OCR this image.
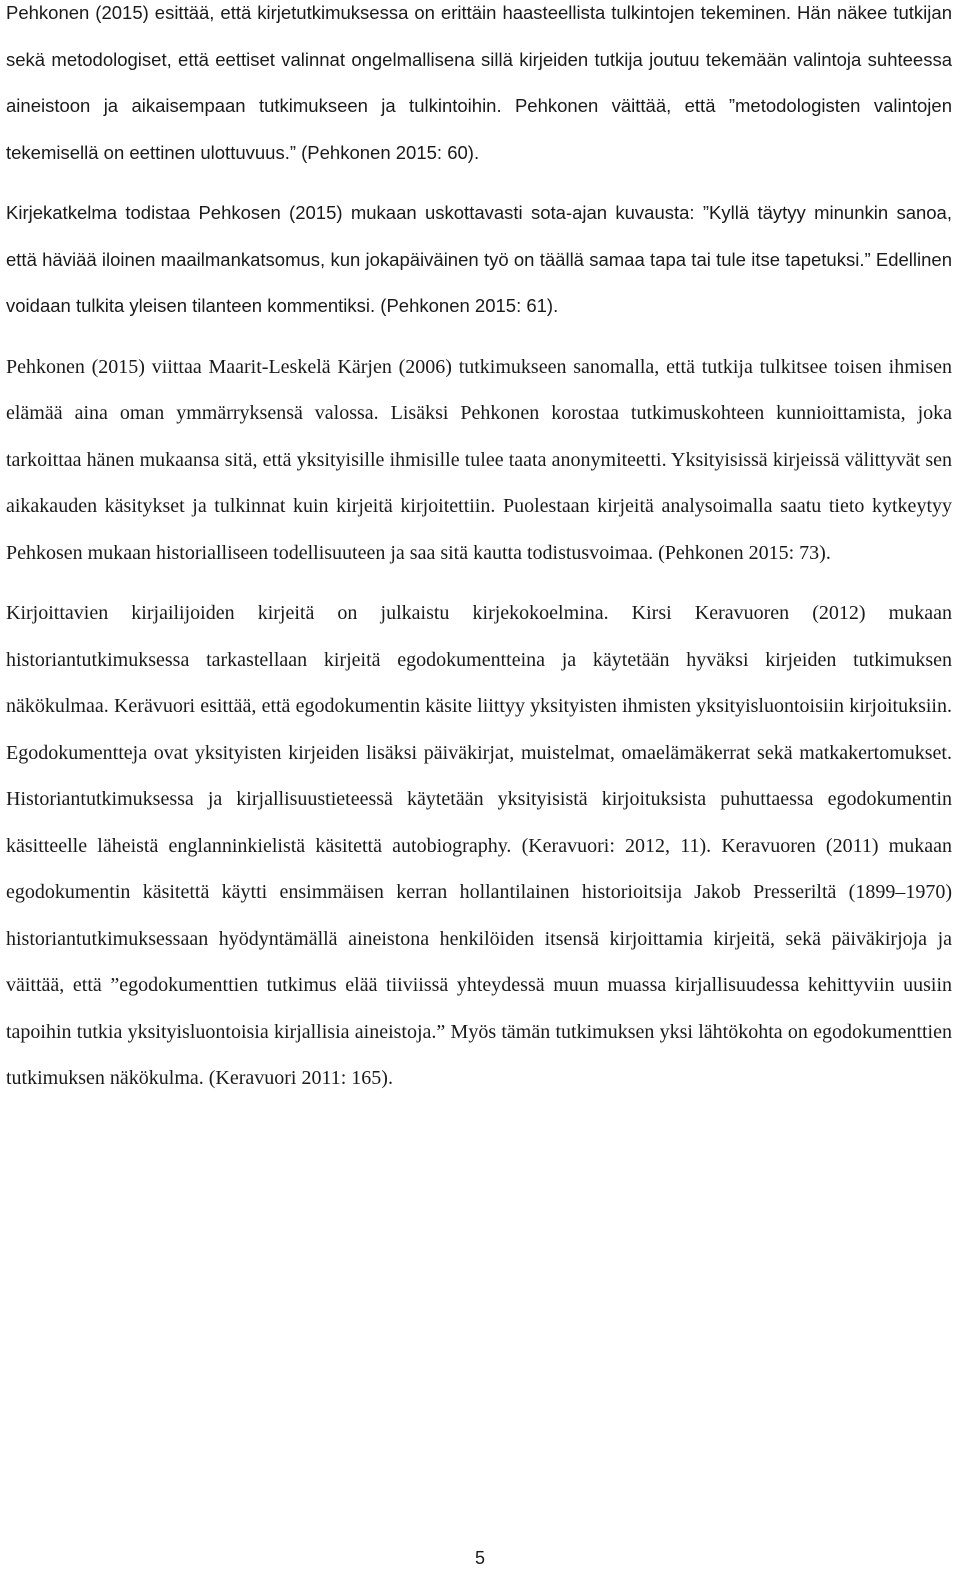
Pehkonen (2015) esittää, että kirjetutkimuksessa on erittäin haasteellista tulkintojen tekeminen. Hän näkee tutkijan sekä metodologiset, että eettiset valinnat ongelmallisena sillä kirjeiden tutkija joutuu tekemään valintoja suhteessa aineistoon ja aikaisempaan tutkimukseen ja tulkintoihin. Pehkonen väittää, että ”metodologisten valintojen tekemisellä on eettinen ulottuvuus.” (Pehkonen 2015: 60).

Kirjekatkelma todistaa Pehkosen (2015) mukaan uskottavasti sota-ajan kuvausta: ”Kyllä täytyy minunkin sanoa, että häviää iloinen maailmankatsomus, kun jokapäiväinen työ on täällä samaa tapa tai tule itse tapetuksi.” Edellinen voidaan tulkita yleisen tilanteen kommentiksi. (Pehkonen 2015: 61).

Pehkonen (2015) viittaa Maarit-Leskelä Kärjen (2006) tutkimukseen sanomalla, että tutkija tulkitsee toisen ihmisen elämää aina oman ymmärryksensä valossa. Lisäksi Pehkonen korostaa tutkimuskohteen kunnioittamista, joka tarkoittaa hänen mukaansa sitä, että yksityisille ihmisille tulee taata anonymiteetti. Yksityisissä kirjeissä välittyvät sen aikakauden käsitykset ja tulkinnat kuin kirjeitä kirjoitettiin. Puolestaan kirjeitä analysoimalla saatu tieto kytkeytyy Pehkosen mukaan historialliseen todellisuuteen ja saa sitä kautta todistusvoimaa. (Pehkonen 2015: 73).

Kirjoittavien kirjailijoiden kirjeitä on julkaistu kirjekokoelmina. Kirsi Keravuoren (2012) mukaan historiantutkimuksessa tarkastellaan kirjeitä egodokumentteina ja käytetään hyväksi kirjeiden tutkimuksen näkökulmaa. Kerävuori esittää, että egodokumentin käsite liittyy yksityisten ihmisten yksityisluontoisiin kirjoituksiin. Egodokumentteja ovat yksityisten kirjeiden lisäksi päiväkirjat, muistelmat, omaelämäkerrat sekä matkakertomukset. Historiantutkimuksessa ja kirjallisuustieteessä käytetään yksityisistä kirjoituksista puhuttaessa egodokumentin käsitteelle läheistä englanninkielistä käsitettä autobiography. (Keravuori: 2012, 11). Keravuoren (2011) mukaan egodokumentin käsitettä käytti ensimmäisen kerran hollantilainen historioitsija Jakob Presseriltä (1899–1970) historiantutkimuksessaan hyödyntämällä aineistona henkilöiden itsensä kirjoittamia kirjeitä, sekä päiväkirjoja ja väittää, että ”egodokumenttien tutkimus elää tiiviissä yhteydessä muun muassa kirjallisuudessa kehittyviin uusiin tapoihin tutkia yksityisluontoisia kirjallisia aineistoja.” Myös tämän tutkimuksen yksi lähtökohta on egodokumenttien tutkimuksen näkökulma. (Keravuori 2011: 165).

5
